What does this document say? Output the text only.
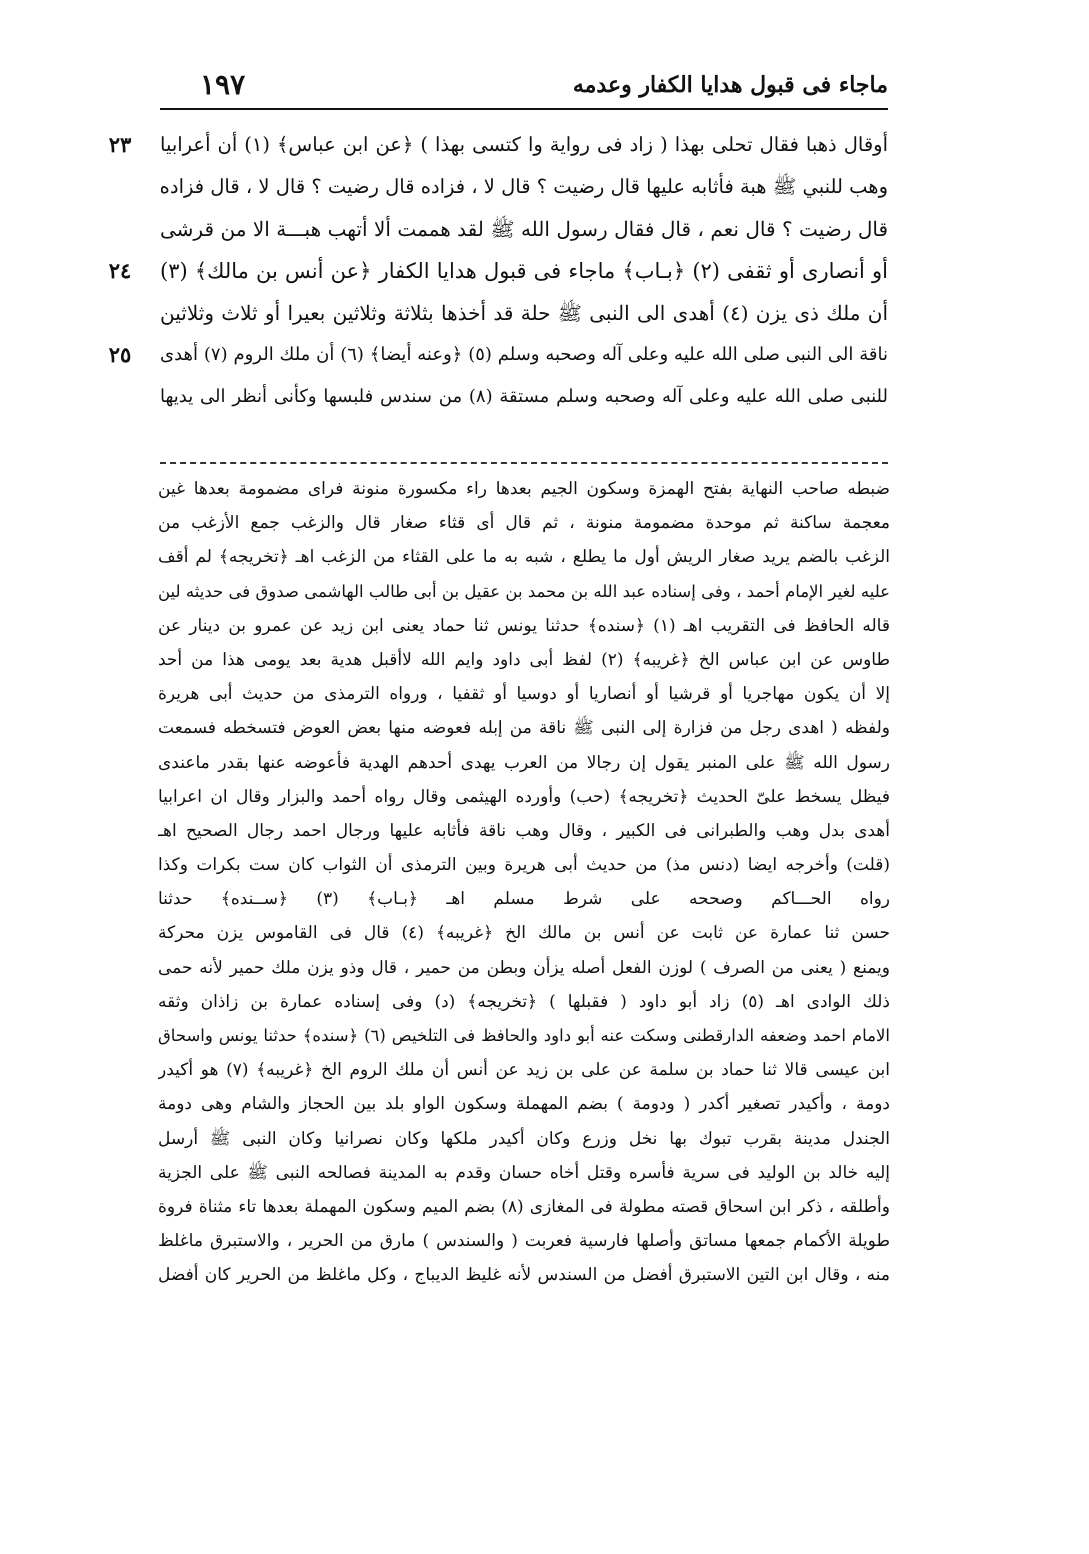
ماجاء فى قبول هدايا الكفار وعدمه
١٩٧
٢٣
٢٤
٢٥
أوقال ذهبا فقال تحلى بهذا ( زاد فى رواية وا كتسى بهذا ) ﴿عن ابن عباس﴾ (١) أن أعرابيا
وهب للنبي ﷺ هبة فأثابه عليها قال رضيت ؟ قال لا ، فزاده قال رضيت ؟ قال لا ، قال فزاده
قال رضيت ؟ قال نعم ، قال فقال رسول الله ﷺ لقد هممت ألا أتهب هبـــة الا من قرشى
أو أنصارى أو ثقفى (٢) ﴿بـاب﴾ ماجاء فى قبول هدايا الكفار ﴿عن أنس بن مالك﴾ (٣)
أن ملك ذى يزن (٤) أهدى الى النبى ﷺ حلة قد أخذها بثلاثة وثلاثين بعيرا أو ثلاث وثلاثين
ناقة الى النبى صلى الله عليه وعلى آله وصحبه وسلم (٥) ﴿وعنه أيضا﴾ (٦) أن ملك الروم (٧) أهدى
للنبى صلى الله عليه وعلى آله وصحبه وسلم مستقة (٨) من سندس فلبسها وكأنى أنظر الى يديها
ضبطه صاحب النهاية بفتح الهمزة وسكون الجيم بعدها راء مكسورة منونة فراى مضمومة بعدها غين
معجمة ساكنة ثم موحدة مضمومة منونة ، ثم قال أى قثاء صغار قال والزغب جمع الأزغب من
الزغب بالضم يريد صغار الريش أول ما يطلع ، شبه به ما على القثاء من الزغب اهـ ﴿تخريجه﴾ لم أقف
عليه لغير الإمام أحمد ، وفى إسناده عبد الله بن محمد بن عقيل بن أبى طالب الهاشمى صدوق فى حديثه لين
قاله الحافظ فى التقريب اهـ (١) ﴿سنده﴾ حدثنا يونس ثنا حماد يعنى ابن زيد عن عمرو بن دينار عن
طاوس عن ابن عباس الخ ﴿غريبه﴾ (٢) لفظ أبى داود وايم الله لاأقبل هدية بعد يومى هذا من أحد
إلا أن يكون مهاجريا أو قرشيا أو أنصاريا أو دوسيا أو ثقفيا ، ورواه الترمذى من حديث أبى هريرة
ولفظه ( اهدى رجل من فزارة إلى النبى ﷺ ناقة من إبله فعوضه منها بعض العوض فتسخطه فسمعت
رسول الله ﷺ على المنبر يقول إن رجالا من العرب يهدى أحدهم الهدية فأعوضه عنها بقدر ماعندى
فيظل يسخط علىّ الحديث ﴿تخريجه﴾ (حب) وأورده الهيثمى وقال رواه أحمد والبزار وقال ان اعرابيا
أهدى بدل وهب والطبرانى فى الكبير ، وقال وهب ناقة فأثابه عليها ورجال احمد رجال الصحيح اهـ
(قلت) وأخرجه ايضا (دنس مذ) من حديث أبى هريرة وبين الترمذى أن الثواب كان ست بكرات وكذا
رواه الحـــاكم وصححه على شرط مسلم اهـ ﴿بـاب﴾ (٣) ﴿ســنده﴾ حدثنا
حسن ثنا عمارة عن ثابت عن أنس بن مالك الخ ﴿غريبه﴾ (٤) قال فى القاموس يزن محركة
ويمنع ( يعنى من الصرف ) لوزن الفعل أصله يزأن وبطن من حمير ، قال وذو يزن ملك حمير لأنه حمى
ذلك الوادى اهـ (٥) زاد أبو داود ( فقبلها ) ﴿تخريجه﴾ (د) وفى إسناده عمارة بن زاذان وثقه
الامام احمد وضعفه الدارقطنى وسكت عنه أبو داود والحافظ فى التلخيص (٦) ﴿سنده﴾ حدثنا يونس واسحاق
ابن عيسى قالا ثنا حماد بن سلمة عن على بن زيد عن أنس أن ملك الروم الخ ﴿غريبه﴾ (٧) هو أكيدر
دومة ، وأكيدر تصغير أكدر ( ودومة ) بضم المهملة وسكون الواو بلد بين الحجاز والشام وهى دومة
الجندل مدينة بقرب تبوك بها نخل وزرع وكان أكيدر ملكها وكان نصرانيا وكان النبى ﷺ أرسل
إليه خالد بن الوليد فى سرية فأسره وقتل أخاه حسان وقدم به المدينة فصالحه النبى ﷺ على الجزية
وأطلقه ، ذكر ابن اسحاق قصته مطولة فى المغازى (٨) بضم الميم وسكون المهملة بعدها تاء مثناة فروة
طويلة الأكمام جمعها مساتق وأصلها فارسية فعربت ( والسندس ) مارق من الحرير ، والاستبرق ماغلظ
منه ، وقال ابن التين الاستبرق أفضل من السندس لأنه غليظ الديباج ، وكل ماغلظ من الحرير كان أفضل
